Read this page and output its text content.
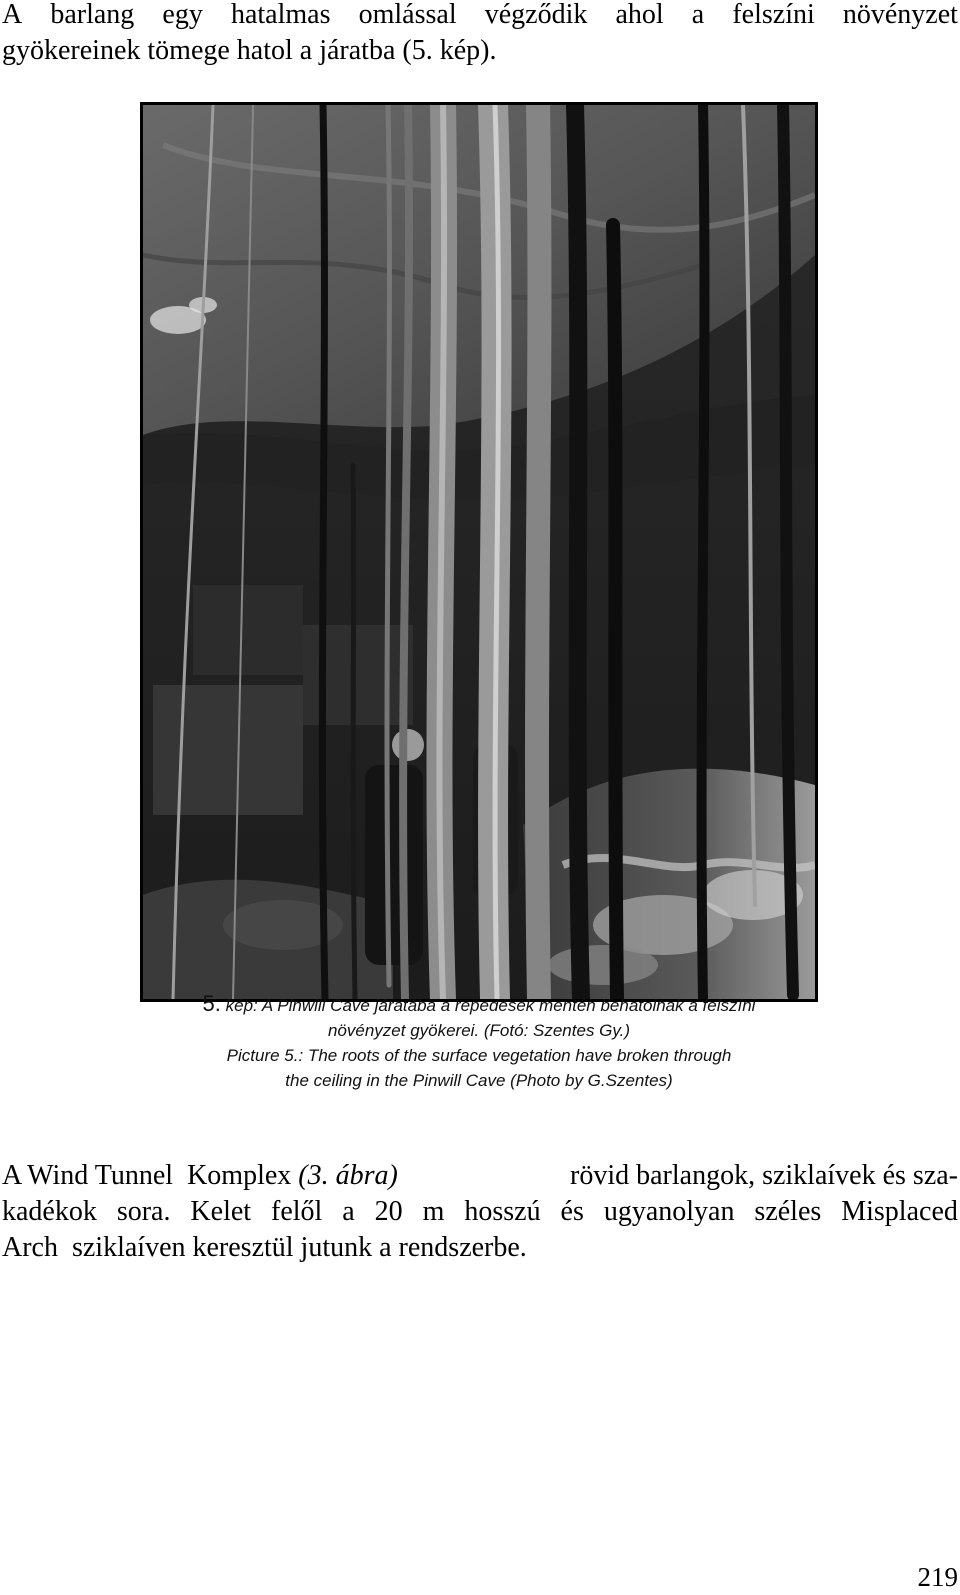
A barlang egy hatalmas omlással végződik ahol a felszíni növényzet
gyökereinek tömege hatol a járatba (5. kép).
5. kép: A Pinwill Cave járatába a repedések mentén behatolnak a felszíni
növényzet gyökerei. (Fotó: Szentes Gy.)
Picture 5.: The roots of the surface vegetation have broken through
the ceiling in the Pinwill Cave (Photo by G.Szentes)
A Wind Tunnel  Komplex (3. ábra)	rövid barlangok, sziklaívek és sza-
kadékok sora. Kelet felől a 20 m hosszú és ugyanolyan széles Misplaced
Arch  sziklaíven keresztül jutunk a rendszerbe.
219
